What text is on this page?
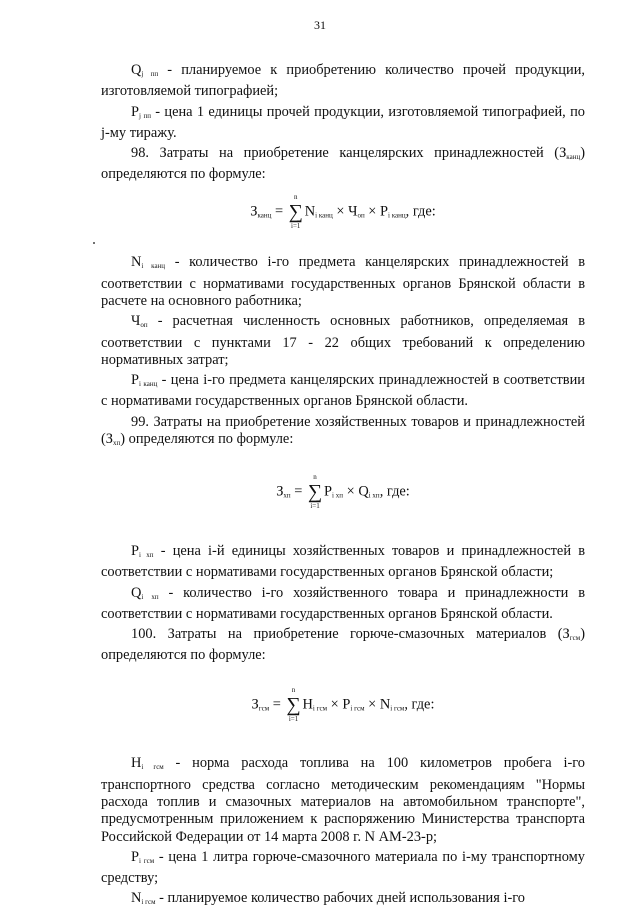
31

$Q_{j пп}$ - планируемое к приобретению количество прочей продукции, изготовляемой типографией;

$P_{j пп}$ - цена 1 единицы прочей продукции, изготовляемой типографией, по j-му тиражу.

98. Затраты на приобретение канцелярских принадлежностей $(З_{канц})$ определяются по формуле:

$З_{канц}$ =
n
∑
i=1
$N_{i канц} \times Ч_{оп} \times P_{i канц}$, где:

$N_{i канц}$ - количество i-го предмета канцелярских принадлежностей в соответствии с нормативами государственных органов Брянской области в расчете на основного работника;

$Ч_{оп}$ - расчетная численность основных работников, определяемая в соответствии с пунктами 17 - 22 общих требований к определению нормативных затрат;

$P_{i канц}$ - цена i-го предмета канцелярских принадлежностей в соответствии с нормативами государственных органов Брянской области.

99. Затраты на приобретение хозяйственных товаров и принадлежностей $(З_{хп})$ определяются по формуле:

$З_{хп}$ =
n
∑
i=1
$P_{i хп} \times Q_{i хп}$, где:

$P_{i хп}$ - цена i-й единицы хозяйственных товаров и принадлежностей в соответствии с нормативами государственных органов Брянской области;

$Q_{i хп}$ - количество i-го хозяйственного товара и принадлежности в соответствии с нормативами государственных органов Брянской области.

100. Затраты на приобретение горюче-смазочных материалов $(З_{гсм})$ определяются по формуле:

$З_{гсм}$ =
n
∑
i=1
$H_{i гсм} \times P_{i гсм} \times N_{i гсм}$, где:

$H_{i гсм}$ - норма расхода топлива на 100 километров пробега i-го транспортного средства согласно методическим рекомендациям "Нормы расхода топлив и смазочных материалов на автомобильном транспорте", предусмотренным приложением к распоряжению Министерства транспорта Российской Федерации от 14 марта 2008 г. N АМ-23-р;

$P_{i гсм}$ - цена 1 литра горюче-смазочного материала по i-му транспортному средству;

$N_{i гсм}$ - планируемое количество рабочих дней использования i-го
